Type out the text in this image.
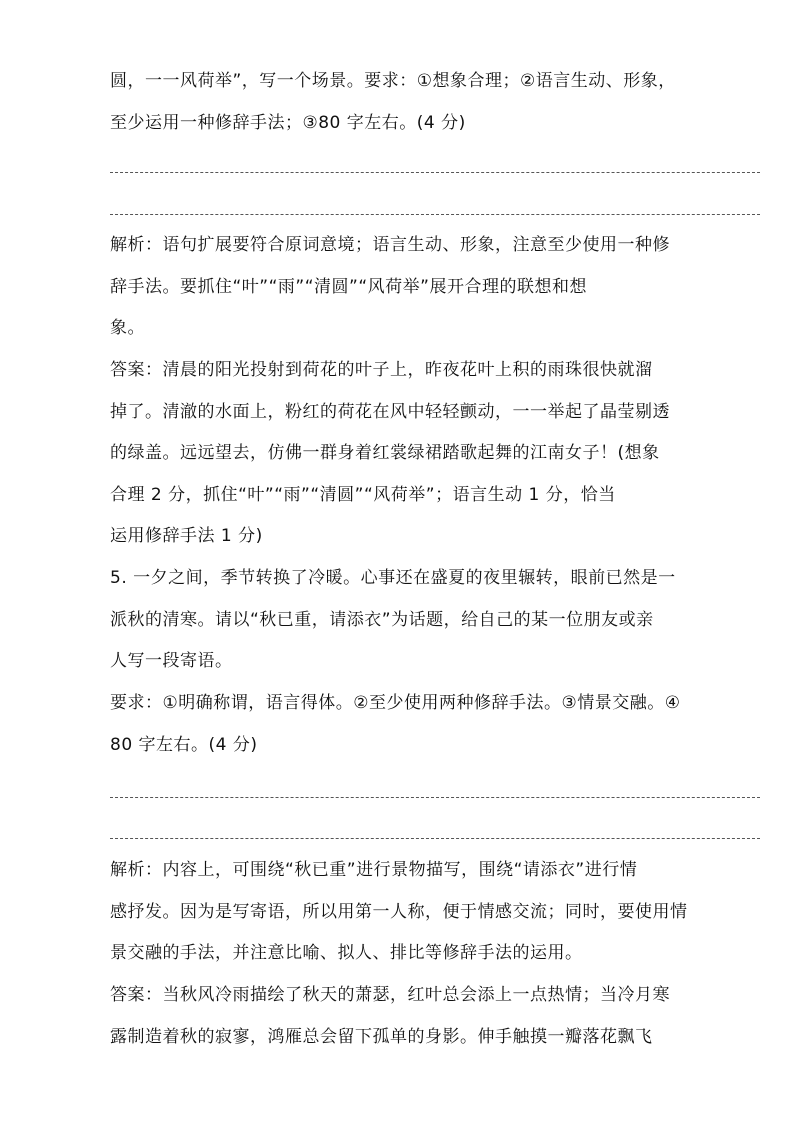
圆，一一风荷举”，写一个场景。要求：①想象合理；②语言生动、形象，
至少运用一种修辞手法；③80 字左右。(4 分)
解析：语句扩展要符合原词意境；语言生动、形象，注意至少使用一种修
辞手法。要抓住“叶”“雨”“清圆”“风荷举”展开合理的联想和想
象。
答案：清晨的阳光投射到荷花的叶子上，昨夜花叶上积的雨珠很快就溜
掉了。清澈的水面上，粉红的荷花在风中轻轻颤动，一一举起了晶莹剔透
的绿盖。远远望去，仿佛一群身着红裳绿裙踏歌起舞的江南女子！(想象
合理 2 分，抓住“叶”“雨”“清圆”“风荷举”；语言生动 1 分，恰当
运用修辞手法 1 分)
5. 一夕之间，季节转换了冷暖。心事还在盛夏的夜里辗转，眼前已然是一
派秋的清寒。请以“秋已重，请添衣”为话题，给自己的某一位朋友或亲
人写一段寄语。
要求：①明确称谓，语言得体。②至少使用两种修辞手法。③情景交融。④
80 字左右。(4 分)
解析：内容上，可围绕“秋已重”进行景物描写，围绕“请添衣”进行情
感抒发。因为是写寄语，所以用第一人称，便于情感交流；同时，要使用情
景交融的手法，并注意比喻、拟人、排比等修辞手法的运用。
答案：当秋风冷雨描绘了秋天的萧瑟，红叶总会添上一点热情；当冷月寒
露制造着秋的寂寥，鸿雁总会留下孤单的身影。伸手触摸一瓣落花飘飞
